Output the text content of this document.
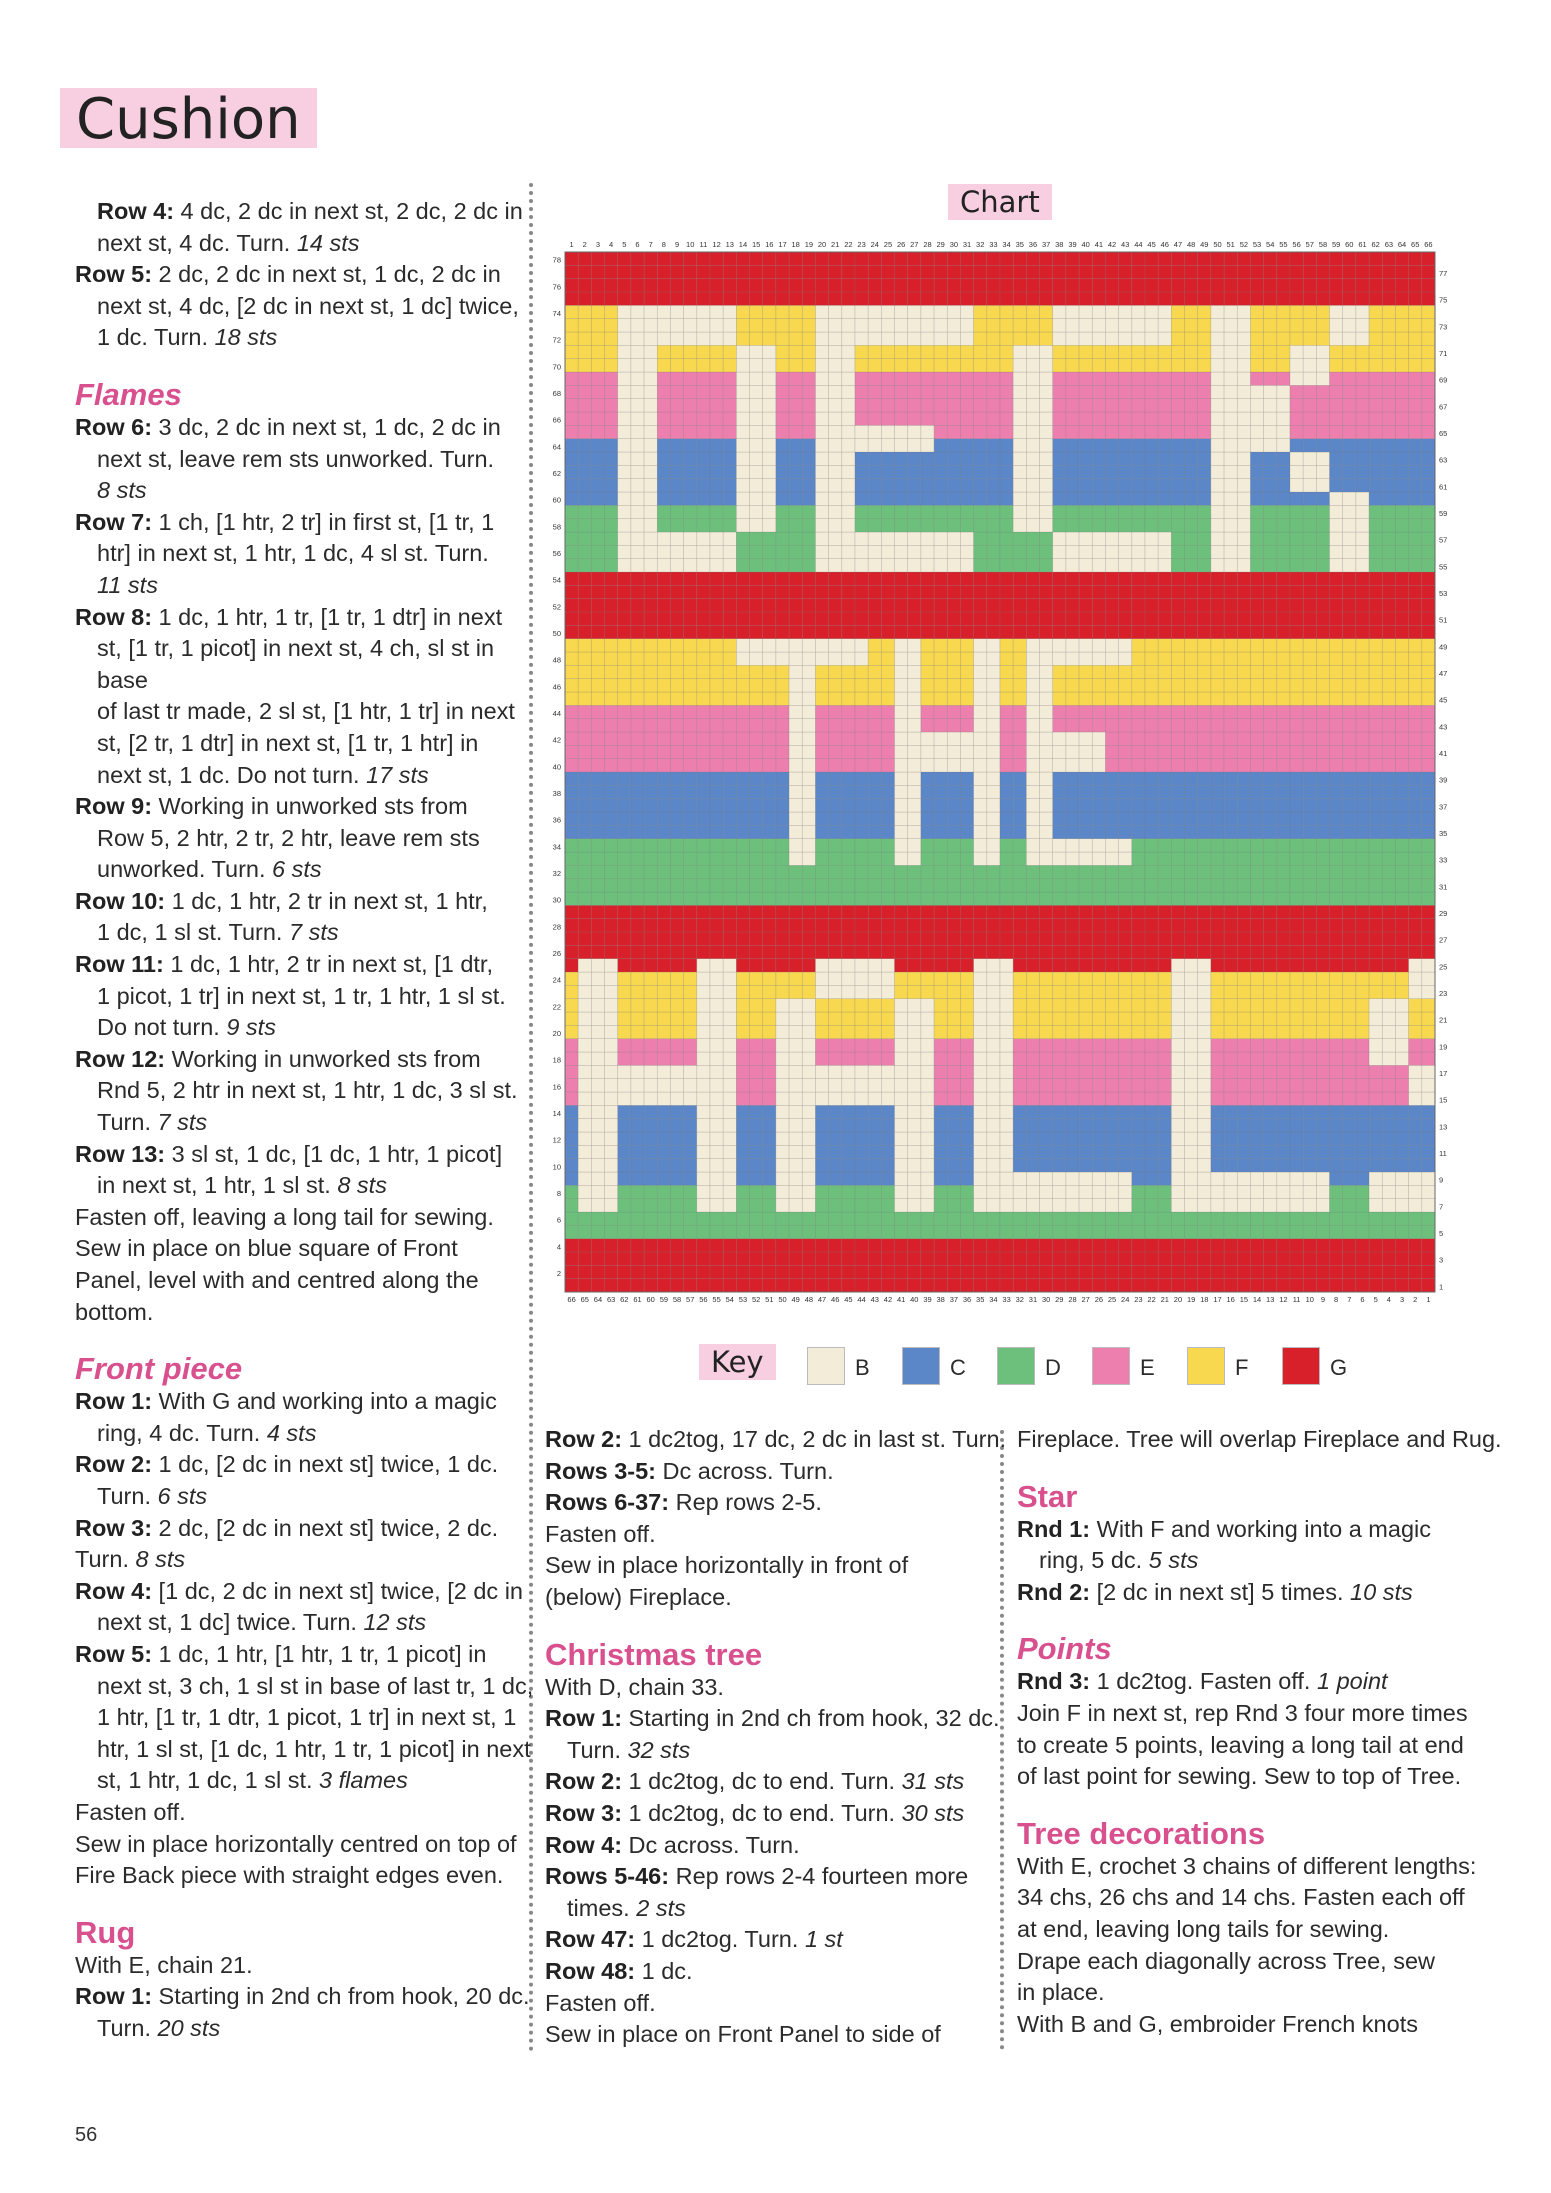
Cushion

Row 4: 4 dc, 2 dc in next st, 2 dc, 2 dc in

next st, 4 dc. Turn. 14 sts

Row 5: 2 dc, 2 dc in next st, 1 dc, 2 dc in

next st, 4 dc, [2 dc in next st, 1 dc] twice,

1 dc. Turn. 18 sts

Flames

Row 6: 3 dc, 2 dc in next st, 1 dc, 2 dc in

next st, leave rem sts unworked. Turn.

8 sts

Row 7: 1 ch, [1 htr, 2 tr] in first st, [1 tr, 1

htr] in next st, 1 htr, 1 dc, 4 sl st. Turn.

11 sts

Row 8: 1 dc, 1 htr, 1 tr, [1 tr, 1 dtr] in next

st, [1 tr, 1 picot] in next st, 4 ch, sl st in

base

of last tr made, 2 sl st, [1 htr, 1 tr] in next

st, [2 tr, 1 dtr] in next st, [1 tr, 1 htr] in

next st, 1 dc. Do not turn. 17 sts

Row 9: Working in unworked sts from

Row 5, 2 htr, 2 tr, 2 htr, leave rem sts

unworked. Turn. 6 sts

Row 10: 1 dc, 1 htr, 2 tr in next st, 1 htr,

1 dc, 1 sl st. Turn. 7 sts

Row 11: 1 dc, 1 htr, 2 tr in next st, [1 dtr,

1 picot, 1 tr] in next st, 1 tr, 1 htr, 1 sl st.

Do not turn. 9 sts

Row 12: Working in unworked sts from

Rnd 5, 2 htr in next st, 1 htr, 1 dc, 3 sl st.

Turn. 7 sts

Row 13: 3 sl st, 1 dc, [1 dc, 1 htr, 1 picot]

in next st, 1 htr, 1 sl st. 8 sts

Fasten off, leaving a long tail for sewing.

Sew in place on blue square of Front

Panel, level with and centred along the

bottom.

Front piece

Row 1: With G and working into a magic

ring, 4 dc. Turn. 4 sts

Row 2: 1 dc, [2 dc in next st] twice, 1 dc.

Turn. 6 sts

Row 3: 2 dc, [2 dc in next st] twice, 2 dc.

Turn. 8 sts

Row 4: [1 dc, 2 dc in next st] twice, [2 dc in

next st, 1 dc] twice. Turn. 12 sts

Row 5: 1 dc, 1 htr, [1 htr, 1 tr, 1 picot] in

next st, 3 ch, 1 sl st in base of last tr, 1 dc,

1 htr, [1 tr, 1 dtr, 1 picot, 1 tr] in next st, 1

htr, 1 sl st, [1 dc, 1 htr, 1 tr, 1 picot] in next

st, 1 htr, 1 dc, 1 sl st. 3 flames

Fasten off.

Sew in place horizontally centred on top of

Fire Back piece with straight edges even.

Rug

With E, chain 21.

Row 1: Starting in 2nd ch from hook, 20 dc.

Turn. 20 sts

Row 2: 1 dc2tog, 17 dc, 2 dc in last st. Turn.

Rows 3-5: Dc across. Turn.

Rows 6-37: Rep rows 2-5.

Fasten off.

Sew in place horizontally in front of

(below) Fireplace.

Christmas tree

With D, chain 33.

Row 1: Starting in 2nd ch from hook, 32 dc.

Turn. 32 sts

Row 2: 1 dc2tog, dc to end. Turn. 31 sts

Row 3: 1 dc2tog, dc to end. Turn. 30 sts

Row 4: Dc across. Turn.

Rows 5-46: Rep rows 2-4 fourteen more

times. 2 sts

Row 47: 1 dc2tog. Turn. 1 st

Row 48: 1 dc.

Fasten off.

Sew in place on Front Panel to side of

Fireplace. Tree will overlap Fireplace and Rug.

Star

Rnd 1: With F and working into a magic

ring, 5 dc. 5 sts

Rnd 2: [2 dc in next st] 5 times. 10 sts

Points

Rnd 3: 1 dc2tog. Fasten off. 1 point

Join F in next st, rep Rnd 3 four more times

to create 5 points, leaving a long tail at end

of last point for sewing. Sew to top of Tree.

Tree decorations

With E, crochet 3 chains of different lengths:

34 chs, 26 chs and 14 chs. Fasten each off

at end, leaving long tails for sewing.

Drape each diagonally across Tree, sew

in place.

With B and G, embroider French knots

Chart
1 2 3 4 5 6 7 8 9 10 11 12 13 14 15 16 17 18 19 20 21 22 23 24 25 26 27 28 29 30 31 32 33 34 35 36 37 38 39 40 41 42 43 44 45 46 47 48 49 50 51 52 53 54 55 56 57 58 59 60 61 62 63 64 65 66
66 65 64 63 62 61 60 59 58 57 56 55 54 53 52 51 50 49 48 47 46 45 44 43 42 41 40 39 38 37 36 35 34 33 32 31 30 29 28 27 26 25 24 23 22 21 20 19 18 17 16 15 14 13 12 11 10 9 8 7 6 5 4 3 2 1
78
76
74
72
70
68
66
64
62
60
58
56
54
52
50
48
46
44
42
40
38
36
34
32
30
28
26
24
22
20
18
16
14
12
10
8
6
4
2
77
75
73
71
69
67
65
63
61
59
57
55
53
51
49
47
45
43
41
39
37
35
33
31
29
27
25
23
21
19
17
15
13
11
9
7
5
3
1
Key	B	C	D	E	F	G
56
